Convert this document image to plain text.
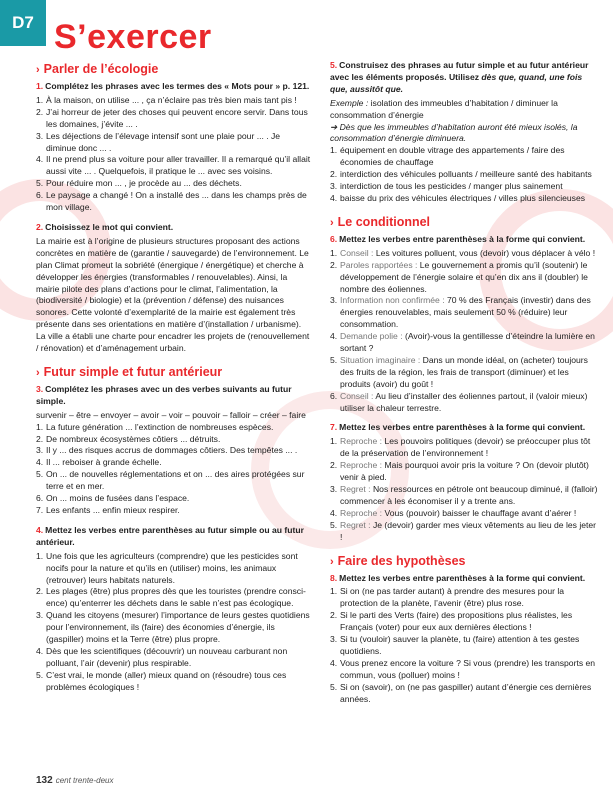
D7 S’exercer
› Parler de l’écologie
1. Complétez les phrases avec les termes des « Mots pour » p. 121.
1. À la maison, on utilise ... , ça n’éclaire pas très bien mais tant pis !
2. J’ai horreur de jeter des choses qui peuvent encore servir. Dans tous les domaines, j’évite ... .
3. Les déjections de l’élevage intensif sont une plaie pour ... . Je diminue donc ... .
4. Il ne prend plus sa voiture pour aller travailler. Il a remarqué qu’il allait aussi vite ... . Quelquefois, il pratique le ... avec ses voisins.
5. Pour réduire mon ... , je procède au ... des déchets.
6. Le paysage a changé ! On a installé des ... dans les champs près de mon village.
2. Choisissez le mot qui convient.

La mairie est à l’origine de plusieurs structures proposant des actions concrètes en matière de (garantie / sauvegarde) de l’environnement. Le plan Climat promeut la sobriété (énergique / énergétique) et cherche à développer les énergies (transformables / renouvelables). Ainsi, la mairie pilote des plans d’actions pour le climat, l’alimentation, la (biodiversité / biologie) et la (prévention / défense) des nuisances sonores. Cette volonté d’exemplarité de la mairie est également très présente dans ses orientations en matière d’(installation / urbanisme). La ville a établi une charte pour encadrer les projets de (renouvellement / rénovation) et d’aménagement urbain.

› Futur simple et futur antérieur
3. Complétez les phrases avec un des verbes suivants au futur simple.

survenir – être – envoyer – avoir – voir – pouvoir – falloir – créer – faire

1. La future génération ... l’extinction de nombreuses espèces.
2. De nombreux écosystèmes côtiers ... détruits.
3. Il y ... des risques accrus de dommages côtiers. Des tempêtes ... .
4. Il ... reboiser à grande échelle.
5. On ... de nouvelles réglementations et on ... des aires protégées sur terre et en mer.
6. On ... moins de fusées dans l’espace.
7. Les enfants ... enfin mieux respirer.
4. Mettez les verbes entre parenthèses au futur simple ou au futur antérieur.
1. Une fois que les agriculteurs (comprendre) que les pesticides sont nocifs pour la nature et qu’ils en (utiliser) moins, les animaux (retrouver) leurs habitats naturels.
2. Les plages (être) plus propres dès que les touristes (prendre conscience) qu’enterrer les déchets dans le sable n’est pas écologique.
3. Quand les citoyens (mesurer) l’importance de leurs gestes quotidiens pour l’environnement, ils (faire) des économies d’énergie, ils (gaspiller) moins et la Terre (être) plus propre.
4. Dès que les scientifiques (découvrir) un nouveau carburant non polluant, l’air (devenir) plus respirable.
5. C’est vrai, le monde (aller) mieux quand on (résoudre) tous ces problèmes écologiques !
5. Construisez des phrases au futur simple et au futur antérieur avec les éléments proposés. Utilisez dès que, quand, une fois que, aussitôt que.

Exemple : isolation des immeubles d’habitation / diminuer la consommation d’énergie

➔ Dès que les immeubles d’habitation auront été mieux isolés, la consommation d’énergie diminuera.

1. équipement en double vitrage des appartements / faire des économies de chauffage
2. interdiction des véhicules polluants / meilleure santé des habitants
3. interdiction de tous les pesticides / manger plus sainement
4. baisse du prix des véhicules électriques / villes plus silencieuses
› Le conditionnel
6. Mettez les verbes entre parenthèses à la forme qui convient.
1. Conseil : Les voitures polluent, vous (devoir) vous déplacer à vélo !
2. Paroles rapportées : Le gouvernement a promis qu’il (soutenir) le développement de l’énergie solaire et qu’en dix ans il (doubler) le nombre des éoliennes.
3. Information non confirmée : 70 % des Français (investir) dans des énergies renouvelables, mais seulement 50 % (réduire) leur consommation.
4. Demande polie : (Avoir)-vous la gentillesse d’éteindre la lumière en sortant ?
5. Situation imaginaire : Dans un monde idéal, on (acheter) toujours des fruits de la région, les frais de transport (diminuer) et les produits (avoir) du goût !
6. Conseil : Au lieu d’installer des éoliennes partout, il (valoir mieux) utiliser la chaleur terrestre.
7. Mettez les verbes entre parenthèses à la forme qui convient.
1. Reproche : Les pouvoirs politiques (devoir) se préoccuper plus tôt de la préservation de l’environnement !
2. Reproche : Mais pourquoi avoir pris la voiture ? On (devoir plutôt) venir à pied.
3. Regret : Nos ressources en pétrole ont beaucoup diminué, il (falloir) commencer à les économiser il y a trente ans.
4. Reproche : Vous (pouvoir) baisser le chauffage avant d’aérer !
5. Regret : Je (devoir) garder mes vieux vêtements au lieu de les jeter !
› Faire des hypothèses
8. Mettez les verbes entre parenthèses à la forme qui convient.
1. Si on (ne pas tarder autant) à prendre des mesures pour la protection de la planète, l’avenir (être) plus rose.
2. Si le parti des Verts (faire) des propositions plus réalistes, les Français (voter) pour eux aux dernières élections !
3. Si tu (vouloir) sauver la planète, tu (faire) attention à tes gestes quotidiens.
4. Vous prenez encore la voiture ? Si vous (prendre) les transports en commun, vous (polluer) moins !
5. Si on (savoir), on (ne pas gaspiller) autant d’énergie ces dernières années.
132 cent trente-deux
